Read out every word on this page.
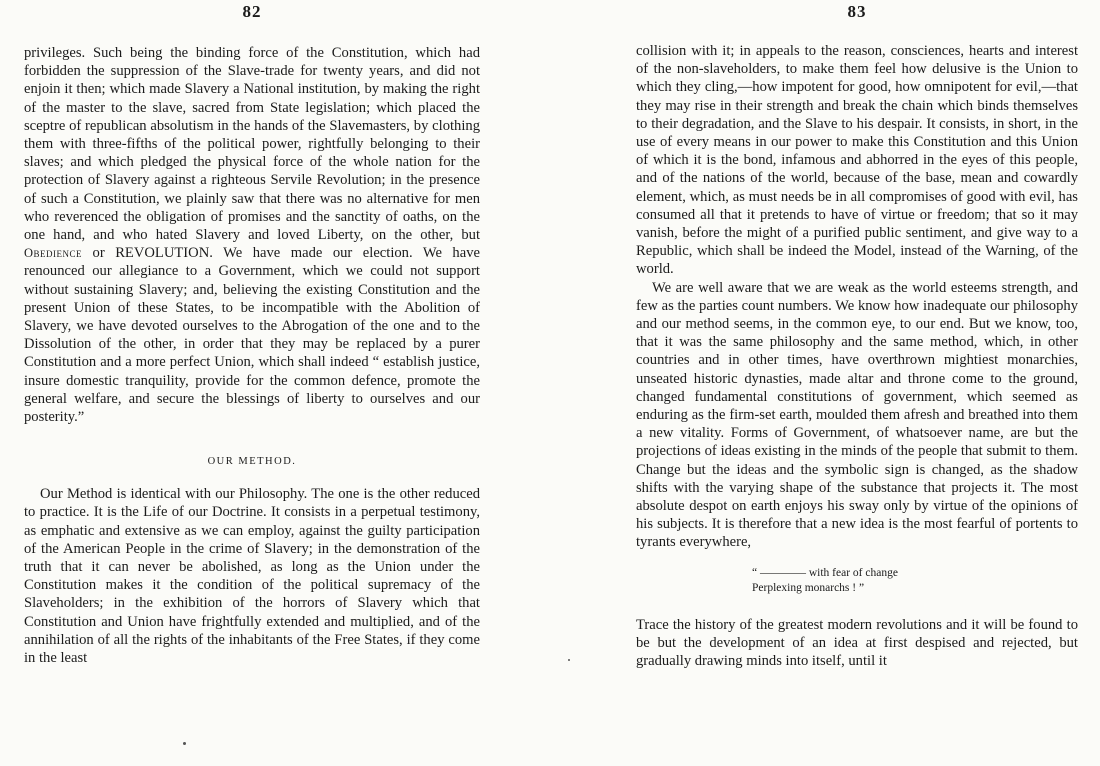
82

privileges. Such being the binding force of the Constitution, which had forbidden the suppression of the Slave-trade for twenty years, and did not enjoin it then; which made Slavery a National institution, by making the right of the master to the slave, sacred from State legislation; which placed the sceptre of republican absolutism in the hands of the Slavemasters, by clothing them with three-fifths of the political power, rightfully belonging to their slaves; and which pledged the physical force of the whole nation for the protection of Slavery against a righteous Servile Revolution; in the presence of such a Constitution, we plainly saw that there was no alternative for men who reverenced the obligation of promises and the sanctity of oaths, on the one hand, and who hated Slavery and loved Liberty, on the other, but Obedience or REVOLUTION. We have made our election. We have renounced our allegiance to a Government, which we could not support without sustaining Slavery; and, believing the existing Constitution and the present Union of these States, to be incompatible with the Abolition of Slavery, we have devoted ourselves to the Abrogation of the one and to the Dissolution of the other, in order that they may be replaced by a purer Constitution and a more perfect Union, which shall indeed “ establish justice, insure domestic tranquility, provide for the common defence, promote the general welfare, and secure the blessings of liberty to ourselves and our posterity.”

OUR METHOD.

Our Method is identical with our Philosophy. The one is the other reduced to practice. It is the Life of our Doctrine. It consists in a perpetual testimony, as emphatic and extensive as we can employ, against the guilty participation of the American People in the crime of Slavery; in the demonstration of the truth that it can never be abolished, as long as the Union under the Constitution makes it the condition of the political supremacy of the Slaveholders; in the exhibition of the horrors of Slavery which that Constitution and Union have frightfully extended and multiplied, and of the annihilation of all the rights of the inhabitants of the Free States, if they come in the least

83

collision with it; in appeals to the reason, consciences, hearts and interest of the non-slaveholders, to make them feel how delusive is the Union to which they cling,—how impotent for good, how omnipotent for evil,—that they may rise in their strength and break the chain which binds themselves to their degradation, and the Slave to his despair. It consists, in short, in the use of every means in our power to make this Constitution and this Union of which it is the bond, infamous and abhorred in the eyes of this people, and of the nations of the world, because of the base, mean and cowardly element, which, as must needs be in all compromises of good with evil, has consumed all that it pretends to have of virtue or freedom; that so it may vanish, before the might of a purified public sentiment, and give way to a Republic, which shall be indeed the Model, instead of the Warning, of the world.

We are well aware that we are weak as the world esteems strength, and few as the parties count numbers. We know how inadequate our philosophy and our method seems, in the common eye, to our end. But we know, too, that it was the same philosophy and the same method, which, in other countries and in other times, have overthrown mightiest monarchies, unseated historic dynasties, made altar and throne come to the ground, changed fundamental constitutions of government, which seemed as enduring as the firm-set earth, moulded them afresh and breathed into them a new vitality. Forms of Government, of whatsoever name, are but the projections of ideas existing in the minds of the people that submit to them. Change but the ideas and the symbolic sign is changed, as the shadow shifts with the varying shape of the substance that projects it. The most absolute despot on earth enjoys his sway only by virtue of the opinions of his subjects. It is therefore that a new idea is the most fearful of portents to tyrants everywhere,

“ ———— with fear of change
Perplexing monarchs ! ”

Trace the history of the greatest modern revolutions and it will be found to be but the development of an idea at first despised and rejected, but gradually drawing minds into itself, until it
